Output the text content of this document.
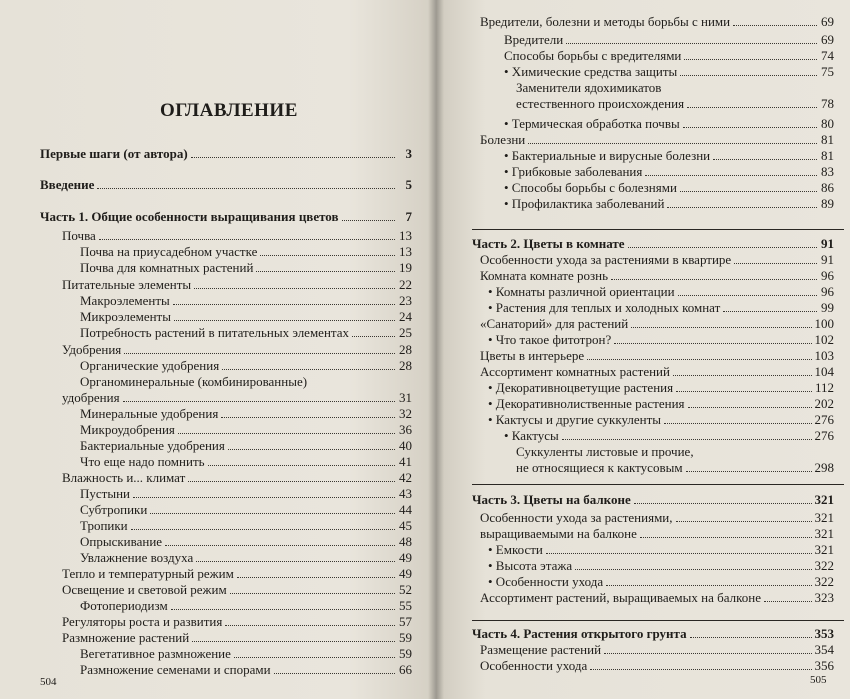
ОГЛАВЛЕНИЕ
Первые шаги (от автора)	3
Введение	5
Часть 1. Общие особенности выращивания цветов	7
Почва	13
Почва на приусадебном участке	13
Почва для комнатных растений	19
Питательные элементы	22
Макроэлементы	23
Микроэлементы	24
Потребность растений в питательных элементах	25
Удобрения	28
Органические удобрения	28
Органоминеральные (комбинированные)
удобрения	31
Минеральные удобрения	32
Микроудобрения	36
Бактериальные удобрения	40
Что еще надо помнить	41
Влажность и... климат	42
Пустыни	43
Субтропики	44
Тропики	45
Опрыскивание	48
Увлажнение воздуха	49
Тепло и температурный режим	49
Освещение и световой режим	52
Фотопериодизм	55
Регуляторы роста и развития	57
Размножение растений	59
Вегетативное размножение	59
Размножение семенами и спорами	66
504
Вредители, болезни и методы борьбы с ними	69
Вредители	69
Способы борьбы с вредителями	74
• Химические средства защиты	75
Заменители ядохимикатов
естественного происхождения	78
• Термическая обработка почвы	80
Болезни	81
• Бактериальные и вирусные болезни	81
• Грибковые заболевания	83
• Способы борьбы с болезнями	86
• Профилактика заболеваний	89
Часть 2. Цветы в комнате	91
Особенности ухода за растениями в квартире	91
Комната комнате рознь	96
• Комнаты различной ориентации	96
• Растения для теплых и холодных комнат	99
«Санаторий» для растений	100
• Что такое фитотрон?	102
Цветы в интерьере	103
Ассортимент комнатных растений	104
• Декоративноцветущие растения	112
• Декоративнолиственные растения	202
• Кактусы и другие суккуленты	276
• Кактусы	276
Суккуленты листовые и прочие,
не относящиеся к кактусовым	298
Часть 3. Цветы на балконе	321
Особенности ухода за растениями,	321
выращиваемыми на балконе	321
• Емкости	321
• Высота этажа	322
• Особенности ухода	322
Ассортимент растений, выращиваемых на балконе	323
Часть 4. Растения открытого грунта	353
Размещение растений	354
Особенности ухода	356
505
